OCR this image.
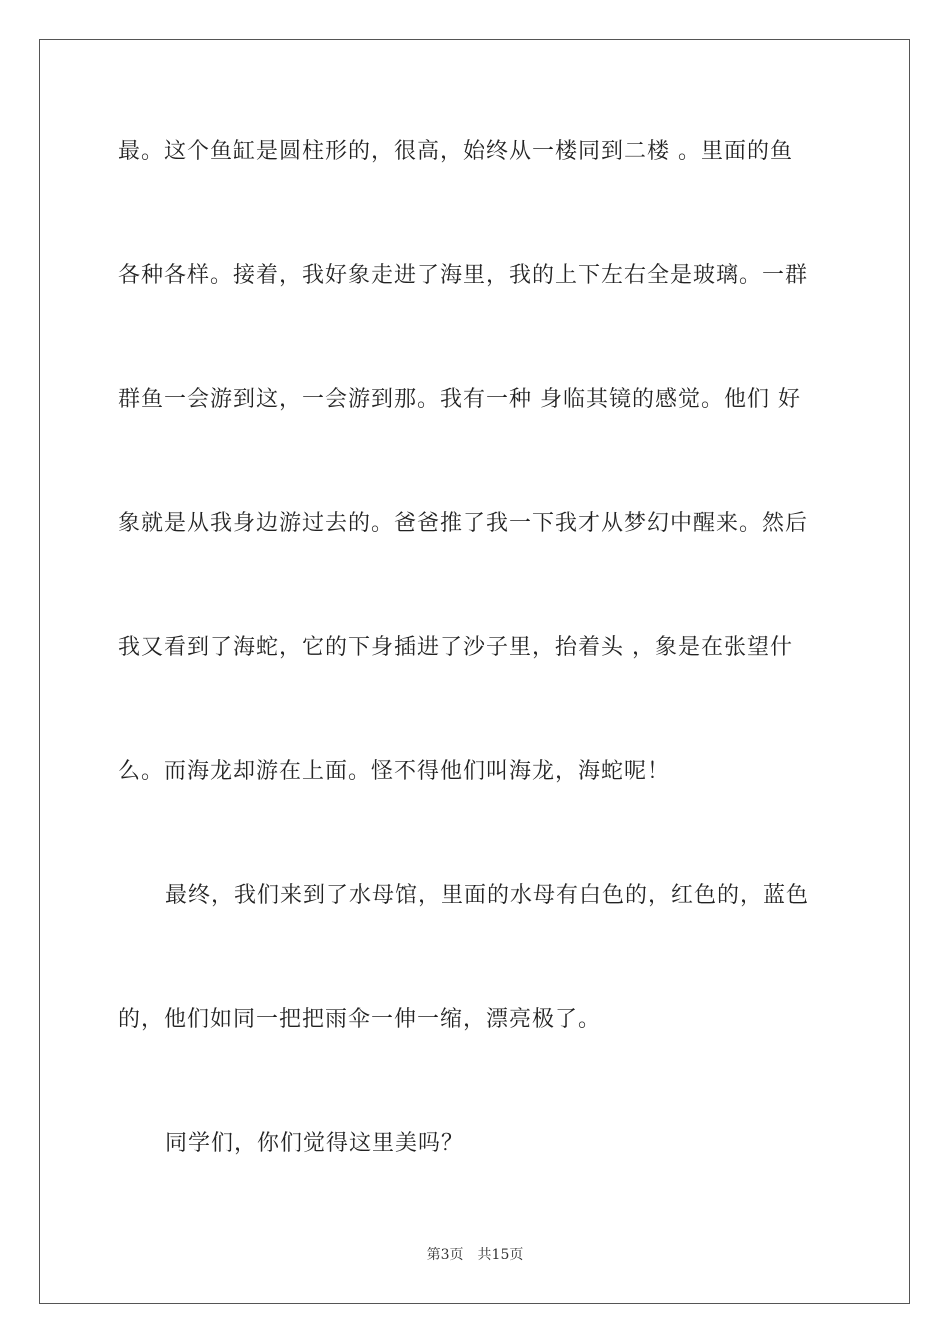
最。这个鱼缸是圆柱形的，很高，始终从一楼同到二楼 。里面的鱼
各种各样。接着，我好象走进了海里，我的上下左右全是玻璃。一群
群鱼一会游到这，一会游到那。我有一种 身临其镜的感觉。他们 好
象就是从我身边游过去的。爸爸推了我一下我才从梦幻中醒来。然后
我又看到了海蛇，它的下身插进了沙子里，抬着头 ，象是在张望什
么。而海龙却游在上面。怪不得他们叫海龙，海蛇呢！
最终，我们来到了水母馆，里面的水母有白色的，红色的，蓝色
的，他们如同一把把雨伞一伸一缩，漂亮极了。
同学们，你们觉得这里美吗？
第3页 共15页
